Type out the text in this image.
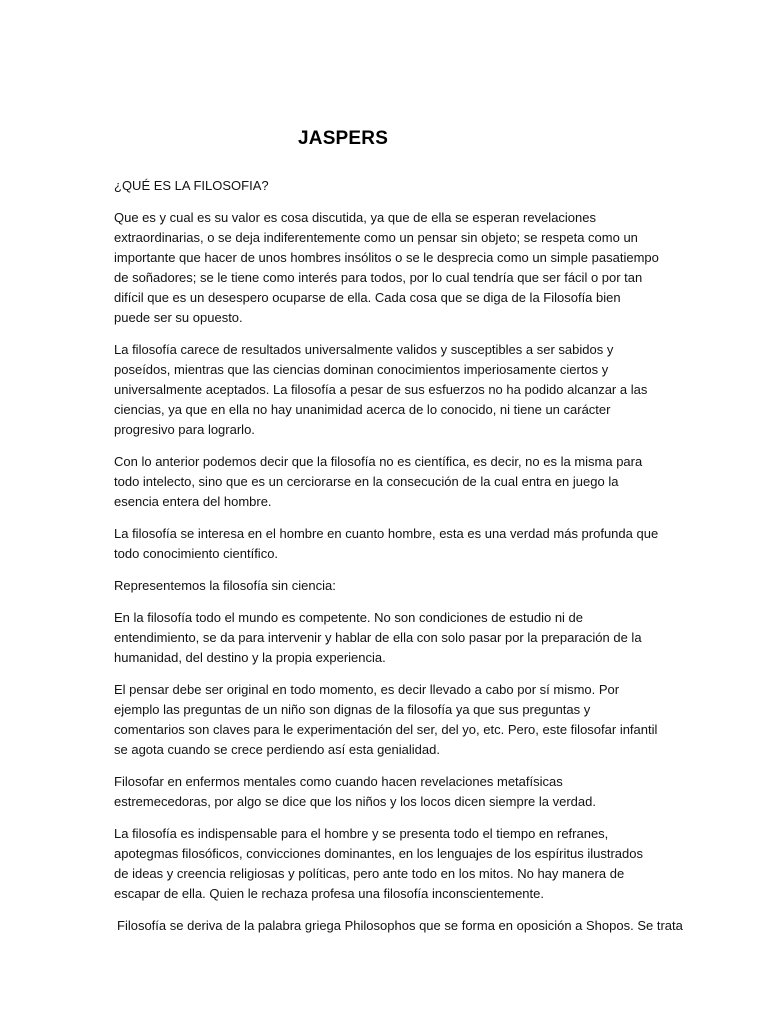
JASPERS

¿QUÉ ES LA FILOSOFIA?

Que es y cual es su valor es cosa discutida, ya que de ella se esperan revelaciones extraordinarias, o se deja indiferentemente como un pensar sin objeto; se respeta como un importante que hacer de unos hombres insólitos o se le desprecia como un simple pasatiempo de soñadores; se le tiene como interés para todos, por lo cual tendría que ser fácil o por tan difícil que es un desespero ocuparse de ella. Cada cosa que se diga de la Filosofía bien puede ser su opuesto.

La filosofía carece de resultados universalmente validos y susceptibles a ser sabidos y poseídos, mientras que las ciencias dominan conocimientos imperiosamente ciertos y universalmente aceptados. La filosofía a pesar de sus esfuerzos no ha podido alcanzar a las ciencias, ya que en ella no hay unanimidad acerca de lo conocido, ni tiene un carácter progresivo para lograrlo.

Con lo anterior podemos decir que la filosofía no es científica, es decir, no es la misma para todo intelecto, sino que es un cerciorarse en la consecución de la cual entra en juego la esencia entera del hombre.

La filosofía se interesa en el hombre en cuanto hombre, esta es una verdad más profunda que todo conocimiento científico.

Representemos la filosofía sin ciencia:

En la filosofía todo el mundo es competente. No son condiciones de estudio ni de entendimiento, se da para intervenir y hablar de ella con solo pasar por la preparación de la humanidad, del destino y la propia experiencia.

El pensar debe ser original en todo momento, es decir llevado a cabo por sí mismo. Por ejemplo las preguntas de un niño son dignas de la filosofía ya que sus preguntas y comentarios son claves para le experimentación del ser, del yo, etc. Pero, este filosofar infantil se agota cuando se crece perdiendo así esta genialidad.

Filosofar en enfermos mentales como cuando hacen revelaciones metafísicas estremecedoras, por algo se dice que los niños y los locos dicen siempre la verdad.

La filosofía es indispensable para el hombre y se presenta todo el tiempo en refranes, apotegmas filosóficos, convicciones dominantes, en los lenguajes de los espíritus ilustrados de ideas y creencia religiosas y políticas, pero ante todo en los mitos. No hay manera de escapar de ella. Quien le rechaza profesa una filosofía inconscientemente.

Filosofía se deriva de la palabra griega Philosophos que se forma en oposición a Shopos. Se trata
